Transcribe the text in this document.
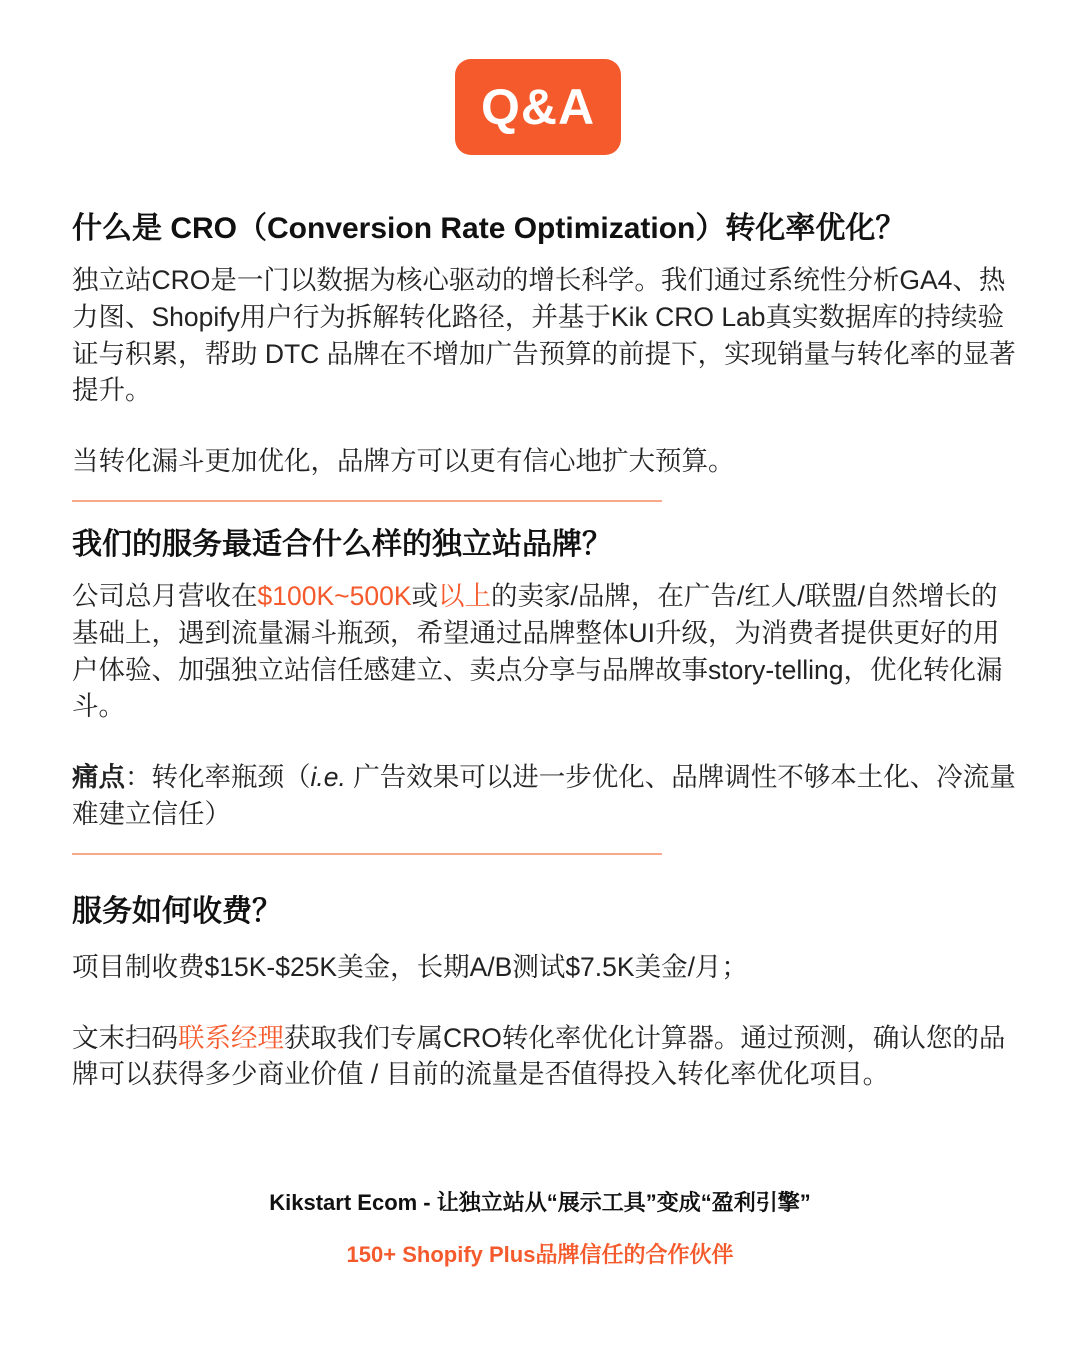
Q&A
什么是 CRO（Conversion Rate Optimization）转化率优化？

独立站CRO是一门以数据为核心驱动的增长科学。我们通过系统性分析GA4、热力图、Shopify用户行为拆解转化路径，并基于Kik CRO Lab真实数据库的持续验证与积累，帮助 DTC 品牌在不增加广告预算的前提下，实现销量与转化率的显著提升。

当转化漏斗更加优化，品牌方可以更有信心地扩大预算。

我们的服务最适合什么样的独立站品牌？

公司总月营收在$100K~500K或以上的卖家/品牌，在广告/红人/联盟/自然增长的基础上，遇到流量漏斗瓶颈，希望通过品牌整体UI升级，为消费者提供更好的用户体验、加强独立站信任感建立、卖点分享与品牌故事story-telling，优化转化漏斗。

痛点：转化率瓶颈（i.e. 广告效果可以进一步优化、品牌调性不够本土化、冷流量难建立信任）

服务如何收费？

项目制收费$15K-$25K美金，长期A/B测试$7.5K美金/月；

文末扫码联系经理获取我们专属CRO转化率优化计算器。通过预测，确认您的品牌可以获得多少商业价值 / 目前的流量是否值得投入转化率优化项目。

Kikstart Ecom - 让独立站从“展示工具”变成“盈利引擎”
150+ Shopify Plus品牌信任的合作伙伴
